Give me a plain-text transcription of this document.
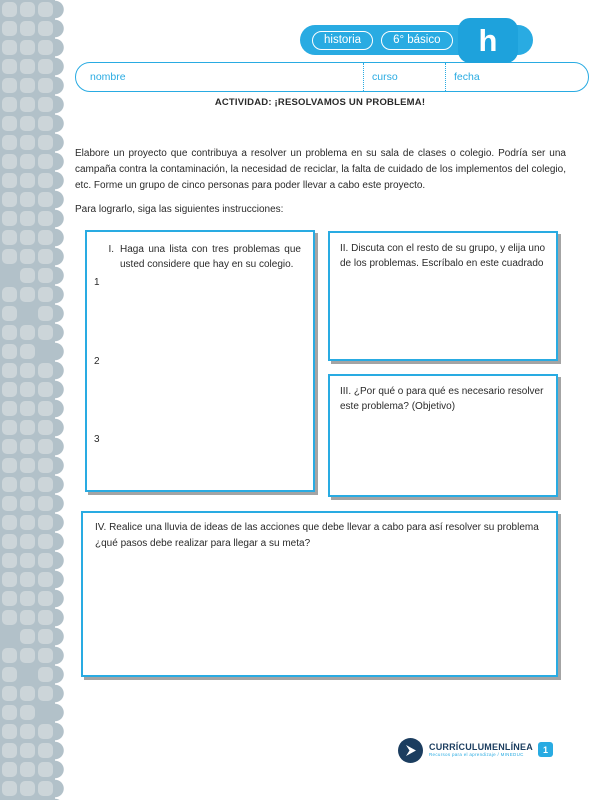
historia	6° básico	h
nombre	curso	fecha
ACTIVIDAD: ¡RESOLVAMOS UN PROBLEMA!
Elabore un proyecto que contribuya a resolver un problema en su sala de clases o colegio. Podría ser una campaña contra la contaminación, la necesidad de reciclar, la falta de cuidado de los implementos del colegio, etc. Forme un grupo de cinco personas para poder llevar a cabo este proyecto.
Para lograrlo, siga las siguientes instrucciones:
I. Haga una lista con tres problemas que usted considere que hay en su colegio.
1
2
3
II. Discuta con el resto de su grupo, y elija uno de los problemas. Escríbalo en este cuadrado
III. ¿Por qué o para qué es necesario resolver este problema? (Objetivo)
IV. Realice una lluvia de ideas de las acciones que debe llevar a cabo para así resolver su problema ¿qué pasos debe realizar para llegar a su meta?
CURRÍCULUMENLÍNEA
Recursos para el aprendizaje / MINEDUC	1
